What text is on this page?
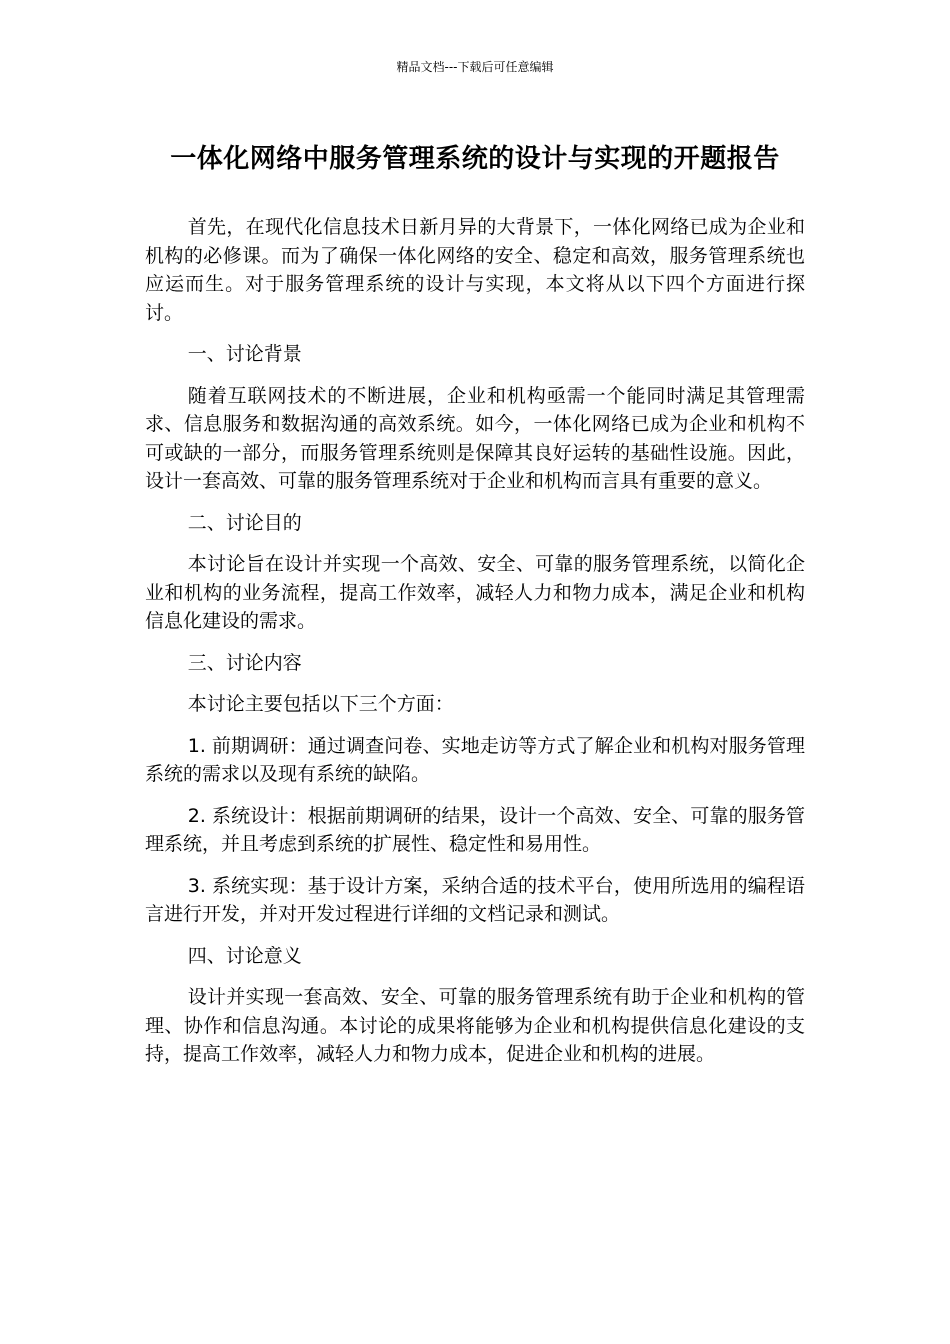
精品文档---下载后可任意编辑
一体化网络中服务管理系统的设计与实现的开题报告

首先，在现代化信息技术日新月异的大背景下，一体化网络已成为企业和机构的必修课。而为了确保一体化网络的安全、稳定和高效，服务管理系统也应运而生。对于服务管理系统的设计与实现，本文将从以下四个方面进行探讨。

一、讨论背景

随着互联网技术的不断进展，企业和机构亟需一个能同时满足其管理需求、信息服务和数据沟通的高效系统。如今，一体化网络已成为企业和机构不可或缺的一部分，而服务管理系统则是保障其良好运转的基础性设施。因此，设计一套高效、可靠的服务管理系统对于企业和机构而言具有重要的意义。

二、讨论目的

本讨论旨在设计并实现一个高效、安全、可靠的服务管理系统，以简化企业和机构的业务流程，提高工作效率，减轻人力和物力成本，满足企业和机构信息化建设的需求。

三、讨论内容

本讨论主要包括以下三个方面：

1. 前期调研：通过调查问卷、实地走访等方式了解企业和机构对服务管理系统的需求以及现有系统的缺陷。

2. 系统设计：根据前期调研的结果，设计一个高效、安全、可靠的服务管理系统，并且考虑到系统的扩展性、稳定性和易用性。

3. 系统实现：基于设计方案，采纳合适的技术平台，使用所选用的编程语言进行开发，并对开发过程进行详细的文档记录和测试。

四、讨论意义

设计并实现一套高效、安全、可靠的服务管理系统有助于企业和机构的管理、协作和信息沟通。本讨论的成果将能够为企业和机构提供信息化建设的支持，提高工作效率，减轻人力和物力成本，促进企业和机构的进展。
